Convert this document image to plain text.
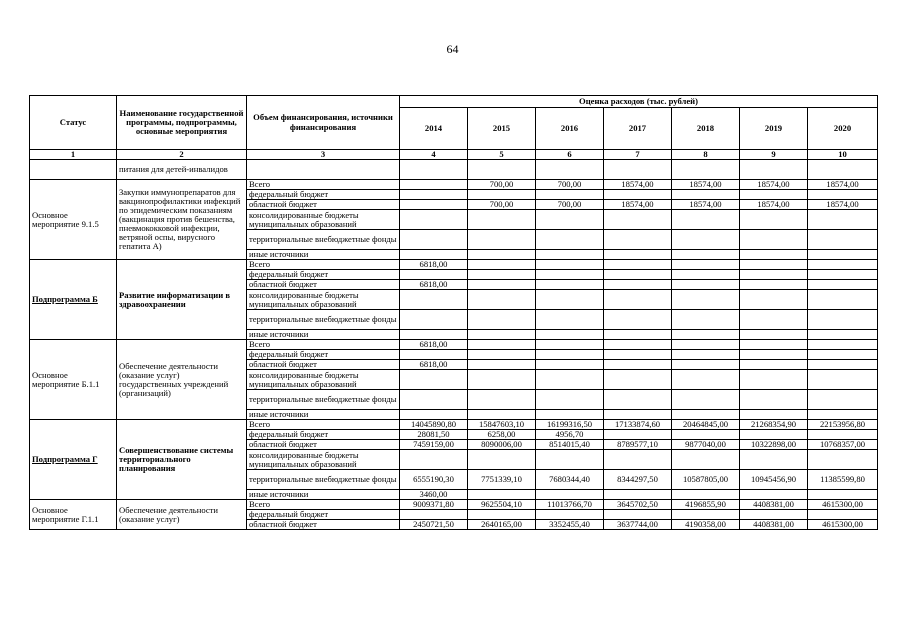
64
Статус	Наименование государственной программы, подпрограммы, основные мероприятия	Объем финансирования, источники финансирования	Оценка расходов (тыс. рублей)						
			2014	2015	2016	2017	2018	2019	2020
1	2	3	4	5	6	7	8	9	10
	питания для детей-инвалидов								
Основное мероприятие 9.1.5	Закупки иммунопрепаратов для вакцинопрофилактики инфекций по эпидемическим показаниям (вакцинация против бешенства, пневмококковой инфекции, ветряной оспы, вирусного гепатита А)	Всего		700,00	700,00	18574,00	18574,00	18574,00	18574,00
		федеральный бюджет							
		областной бюджет		700,00	700,00	18574,00	18574,00	18574,00	18574,00
		консолидированные бюджеты муниципальных образований							
		территориальные внебюджетные фонды							
		иные источники							
Подпрограмма Б	Развитие информатизации в здравоохранении	Всего	6818,00						
		федеральный бюджет							
		областной бюджет	6818,00						
		консолидированные бюджеты муниципальных образований							
		территориальные внебюджетные фонды							
		иные источники							
Основное мероприятие Б.1.1	Обеспечение деятельности (оказание услуг) государственных учреждений (организаций)	Всего	6818,00						
		федеральный бюджет							
		областной бюджет	6818,00						
		консолидированные бюджеты муниципальных образований							
		территориальные внебюджетные фонды							
		иные источники							
Подпрограмма Г	Совершенствование системы территориального планирования	Всего	14045890,80	15847603,10	16199316,50	17133874,60	20464845,00	21268354,90	22153956,80
		федеральный бюджет	28081,50	6258,00	4956,70				
		областной бюджет	7459159,00	8090006,00	8514015,40	8789577,10	9877040,00	10322898,00	10768357,00
		консолидированные бюджеты муниципальных образований							
		территориальные внебюджетные фонды	6555190,30	7751339,10	7680344,40	8344297,50	10587805,00	10945456,90	11385599,80
		иные источники	3460,00						
Основное мероприятие Г.1.1	Обеспечение деятельности (оказание услуг)	Всего	9009371,80	9625504,10	11013766,70	3645702,50	4196855,90	4408381,00	4615300,00
		федеральный бюджет							
		областной бюджет	2450721,50	2640165,00	3352455,40	3637744,00	4190358,00	4408381,00	4615300,00
